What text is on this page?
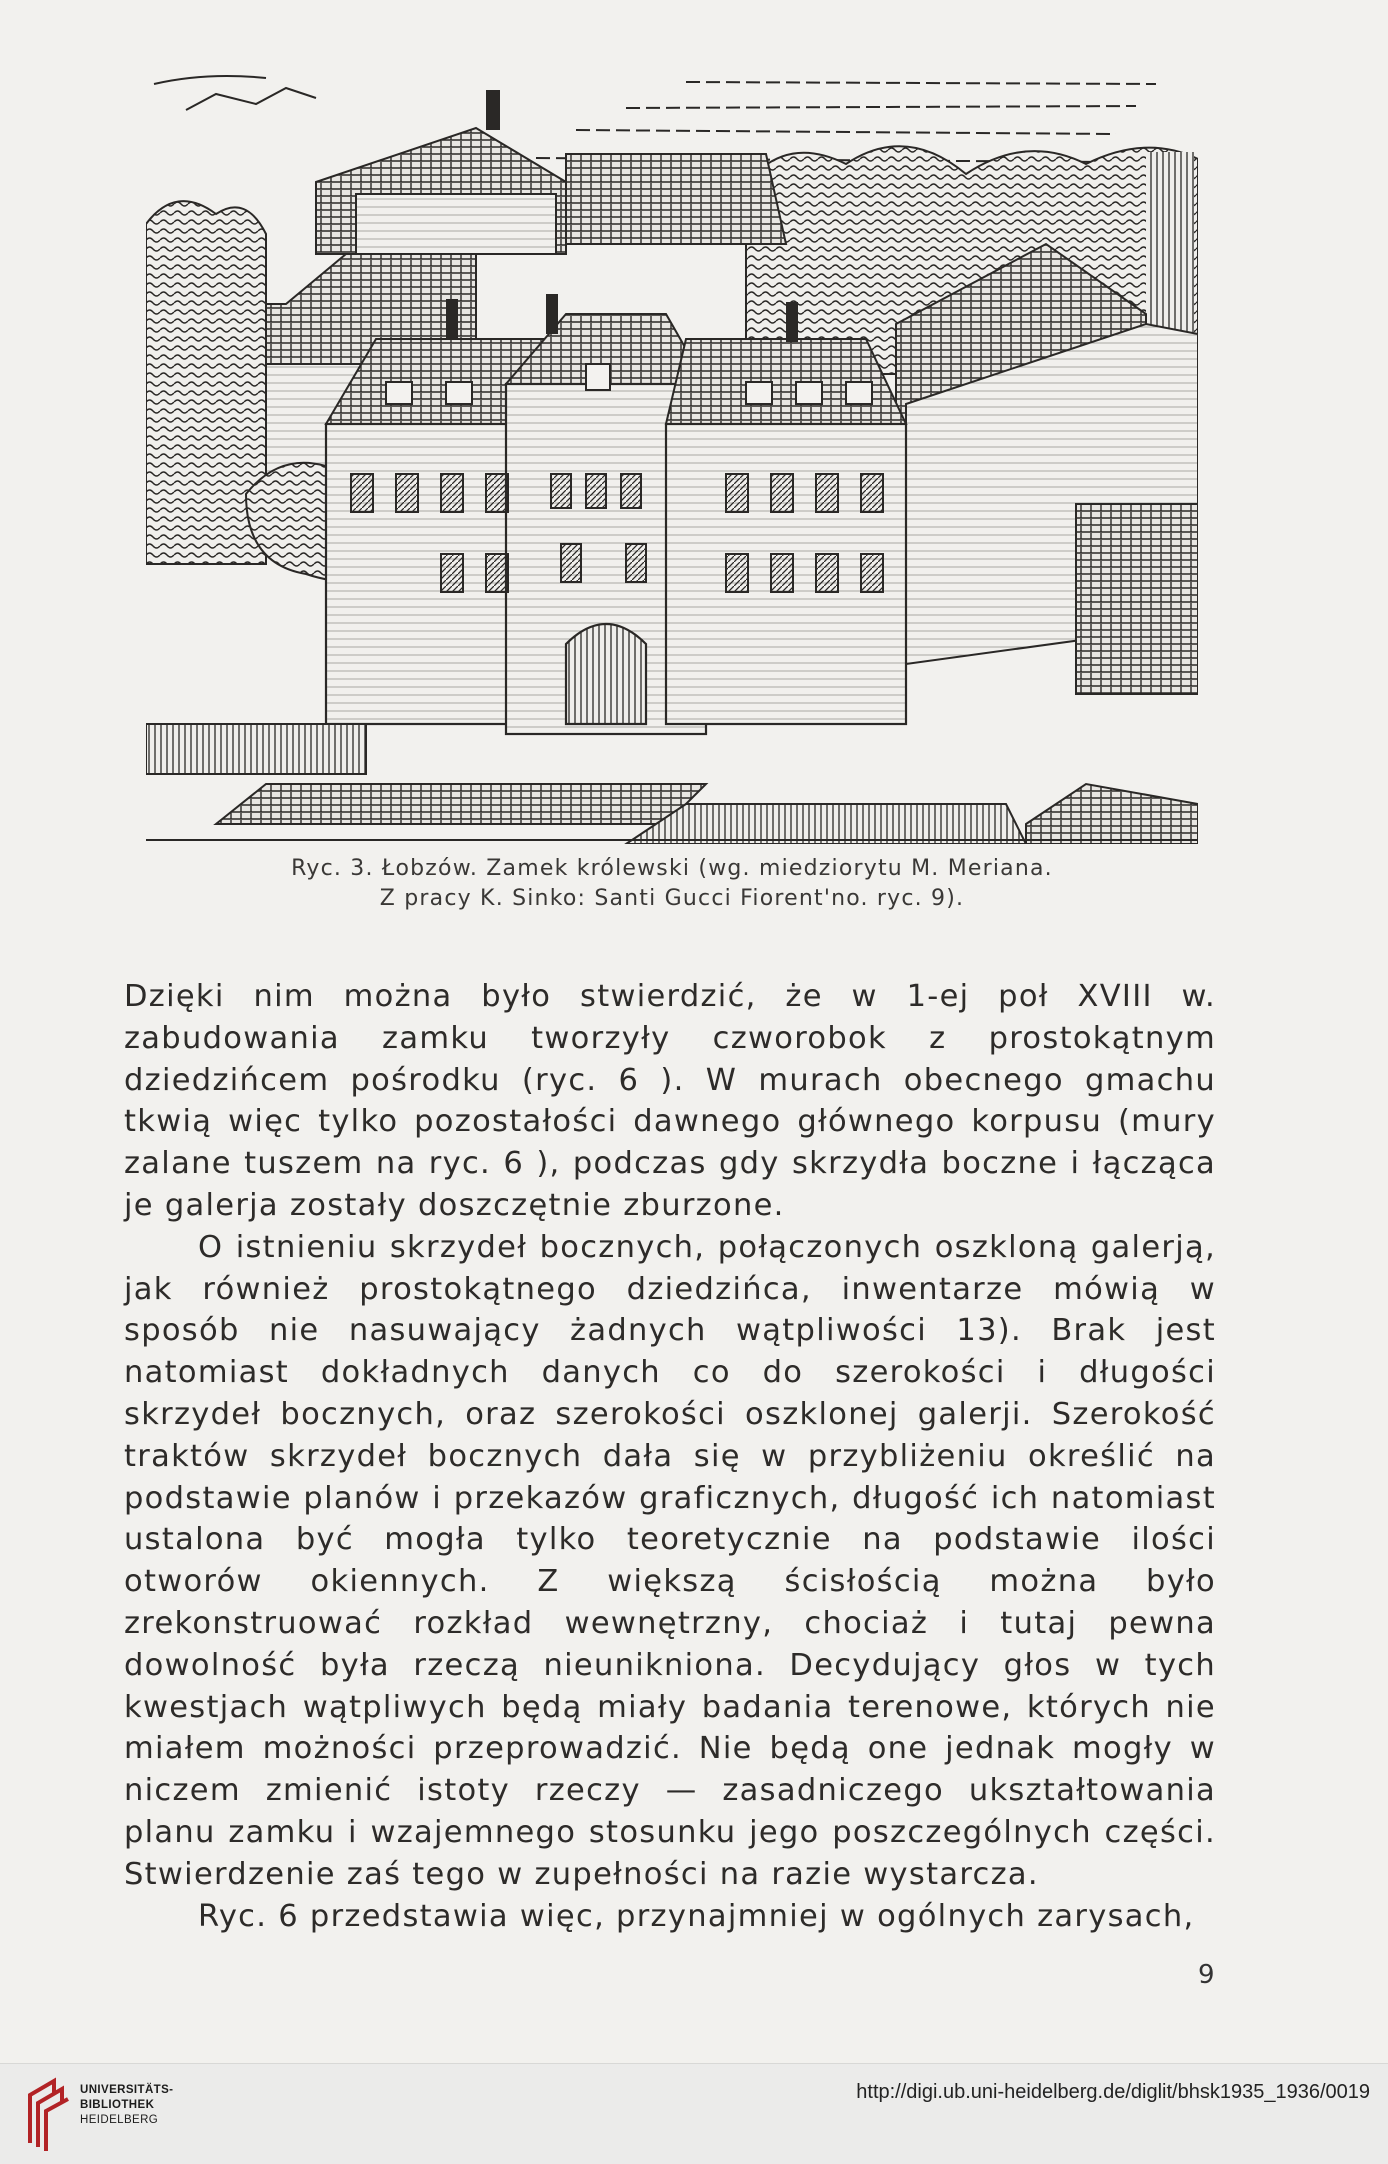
Ryc. 3. Łobzów. Zamek królewski (wg. miedziorytu M. Meriana.
Z pracy K. Sinko: Santi Gucci Fiorent'no. ryc. 9).

Dzięki nim można było stwierdzić, że w 1-ej poł XVIII w. zabudowania zamku tworzyły czworobok z prostokątnym dziedzińcem pośrodku (ryc. 6 ). W murach obecnego gmachu tkwią więc tylko pozostałości dawnego głównego korpusu (mury zalane tuszem na ryc. 6 ), podczas gdy skrzydła boczne i łącząca je galerja zostały doszczętnie zburzone.

O istnieniu skrzydeł bocznych, połączonych oszkloną galerją, jak również prostokątnego dziedzińca, inwentarze mówią w sposób nie nasuwający żadnych wątpliwości 13). Brak jest natomiast dokładnych danych co do szerokości i długości skrzydeł bocznych, oraz szerokości oszklonej galerji. Szerokość traktów skrzydeł bocznych dała się w przybliżeniu określić na podstawie planów i przekazów graficznych, długość ich natomiast ustalona być mogła tylko teoretycznie na podstawie ilości otworów okiennych. Z większą ścisłością można było zrekonstruować rozkład wewnętrzny, chociaż i tutaj pewna dowolność była rzeczą nieunikniona. Decydujący głos w tych kwestjach wątpliwych będą miały badania terenowe, których nie miałem możności przeprowadzić. Nie będą one jednak mogły w niczem zmienić istoty rzeczy — zasadniczego ukształtowania planu zamku i wzajemnego stosunku jego poszczególnych części. Stwierdzenie zaś tego w zupełności na razie wystarcza.

Ryc. 6 przedstawia więc, przynajmniej w ogólnych zarysach,

9
UNIVERSITÄTS-
BIBLIOTHEK
HEIDELBERG
http://digi.ub.uni-heidelberg.de/diglit/bhsk1935_1936/0019
